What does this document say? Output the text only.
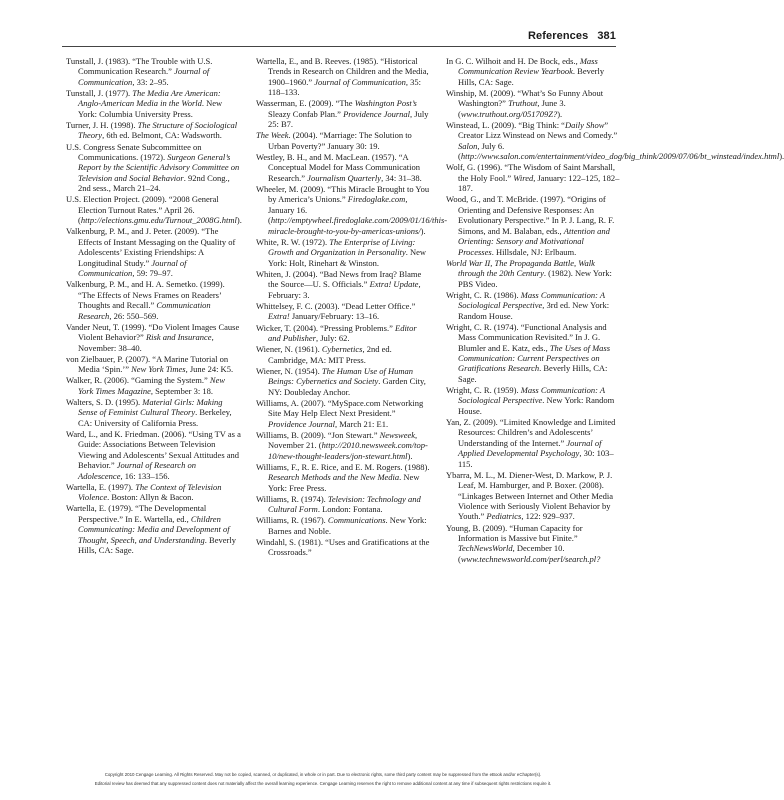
References 381

Tunstall, J. (1983). “The Trouble with U.S. Communication Research.” Journal of Communication, 33: 2–95.

Tunstall, J. (1977). The Media Are American: Anglo-American Media in the World. New York: Columbia University Press.

Turner, J. H. (1998). The Structure of Sociological Theory, 6th ed. Belmont, CA: Wadsworth.

U.S. Congress Senate Subcommittee on Communications. (1972). Surgeon General’s Report by the Scientific Advisory Committee on Television and Social Behavior. 92nd Cong., 2nd sess., March 21–24.

U.S. Election Project. (2009). “2008 General Election Turnout Rates.” April 26. (http://elections.gmu.edu/Turnout_2008G.html).

Valkenburg, P. M., and J. Peter. (2009). “The Effects of Instant Messaging on the Quality of Adolescents’ Existing Friendships: A Longitudinal Study.” Journal of Communication, 59: 79–97.

Valkenburg, P. M., and H. A. Semetko. (1999). “The Effects of News Frames on Readers’ Thoughts and Recall.” Communication Research, 26: 550–569.

Vander Neut, T. (1999). “Do Violent Images Cause Violent Behavior?” Risk and Insurance, November: 38–40.

von Zielbauer, P. (2007). “A Marine Tutorial on Media ‘Spin.’” New York Times, June 24: K5.

Walker, R. (2006). “Gaming the System.” New York Times Magazine, September 3: 18.

Walters, S. D. (1995). Material Girls: Making Sense of Feminist Cultural Theory. Berkeley, CA: University of California Press.

Ward, L., and K. Friedman. (2006). “Using TV as a Guide: Associations Between Television Viewing and Adolescents’ Sexual Attitudes and Behavior.” Journal of Research on Adolescence, 16: 133–156.

Wartella, E. (1997). The Context of Television Violence. Boston: Allyn & Bacon.

Wartella, E. (1979). “The Developmental Perspective.” In E. Wartella, ed., Children Communicating: Media and Development of Thought, Speech, and Understanding. Beverly Hills, CA: Sage.

Wartella, E., and B. Reeves. (1985). “Historical Trends in Research on Children and the Media, 1900–1960.” Journal of Communication, 35: 118–133.

Wasserman, E. (2009). “The Washington Post’s Sleazy Confab Plan.” Providence Journal, July 25: B7.

The Week. (2004). “Marriage: The Solution to Urban Poverty?” January 30: 19.

Westley, B. H., and M. MacLean. (1957). “A Conceptual Model for Mass Communication Research.” Journalism Quarterly, 34: 31–38.

Wheeler, M. (2009). “This Miracle Brought to You by America’s Unions.” Firedoglake.com, January 16. (http://emptywheel.firedoglake.com/2009/01/16/this-miracle-brought-to-you-by-americas-unions/).

White, R. W. (1972). The Enterprise of Living: Growth and Organization in Personality. New York: Holt, Rinehart & Winston.

Whiten, J. (2004). “Bad News from Iraq? Blame the Source—U. S. Officials.” Extra! Update, February: 3.

Whittelsey, F. C. (2003). “Dead Letter Office.” Extra! January/February: 13–16.

Wicker, T. (2004). “Pressing Problems.” Editor and Publisher, July: 62.

Wiener, N. (1961). Cybernetics, 2nd ed. Cambridge, MA: MIT Press.

Wiener, N. (1954). The Human Use of Human Beings: Cybernetics and Society. Garden City, NY: Doubleday Anchor.

Williams, A. (2007). “MySpace.com Networking Site May Help Elect Next President.” Providence Journal, March 21: E1.

Williams, B. (2009). “Jon Stewart.” Newsweek, November 21. (http://2010.newsweek.com/top-10/new-thought-leaders/jon-stewart.html).

Williams, F., R. E. Rice, and E. M. Rogers. (1988). Research Methods and the New Media. New York: Free Press.

Williams, R. (1974). Television: Technology and Cultural Form. London: Fontana.

Williams, R. (1967). Communications. New York: Barnes and Noble.

Windahl, S. (1981). “Uses and Gratifications at the Crossroads.”

In G. C. Wilhoit and H. De Bock, eds., Mass Communication Review Yearbook. Beverly Hills, CA: Sage.

Winship, M. (2009). “What’s So Funny About Washington?” Truthout, June 3. (www.truthout.org/051709Z?).

Winstead, L. (2009). “Big Think: “Daily Show” Creator Lizz Winstead on News and Comedy.” Salon, July 6. (http://www.salon.com/entertainment/video_dog/big_think/2009/07/06/bt_winstead/index.html).

Wolf, G. (1996). “The Wisdom of Saint Marshall, the Holy Fool.” Wired, January: 122–125, 182–187.

Wood, G., and T. McBride. (1997). “Origins of Orienting and Defensive Responses: An Evolutionary Perspective.” In P. J. Lang, R. F. Simons, and M. Balaban, eds., Attention and Orienting: Sensory and Motivational Processes. Hillsdale, NJ: Erlbaum.

World War II, The Propaganda Battle, Walk through the 20th Century. (1982). New York: PBS Video.

Wright, C. R. (1986). Mass Communication: A Sociological Perspective, 3rd ed. New York: Random House.

Wright, C. R. (1974). “Functional Analysis and Mass Communication Revisited.” In J. G. Blumler and E. Katz, eds., The Uses of Mass Communication: Current Perspectives on Gratifications Research. Beverly Hills, CA: Sage.

Wright, C. R. (1959). Mass Communication: A Sociological Perspective. New York: Random House.

Yan, Z. (2009). “Limited Knowledge and Limited Resources: Children’s and Adolescents’ Understanding of the Internet.” Journal of Applied Developmental Psychology, 30: 103–115.

Ybarra, M. L., M. Diener-West, D. Markow, P. J. Leaf, M. Hamburger, and P. Boxer. (2008). “Linkages Between Internet and Other Media Violence with Seriously Violent Behavior by Youth.” Pediatrics, 122: 929–937.

Young, B. (2009). “Human Capacity for Information is Massive but Finite.” TechNewsWorld, December 10. (www.technewsworld.com/perl/search.pl?

Copyright 2010 Cengage Learning. All Rights Reserved. May not be copied, scanned, or duplicated, in whole or in part. Due to electronic rights, some third party content may be suppressed from the eBook and/or eChapter(s).
Editorial review has deemed that any suppressed content does not materially affect the overall learning experience. Cengage Learning reserves the right to remove additional content at any time if subsequent rights restrictions require it.
